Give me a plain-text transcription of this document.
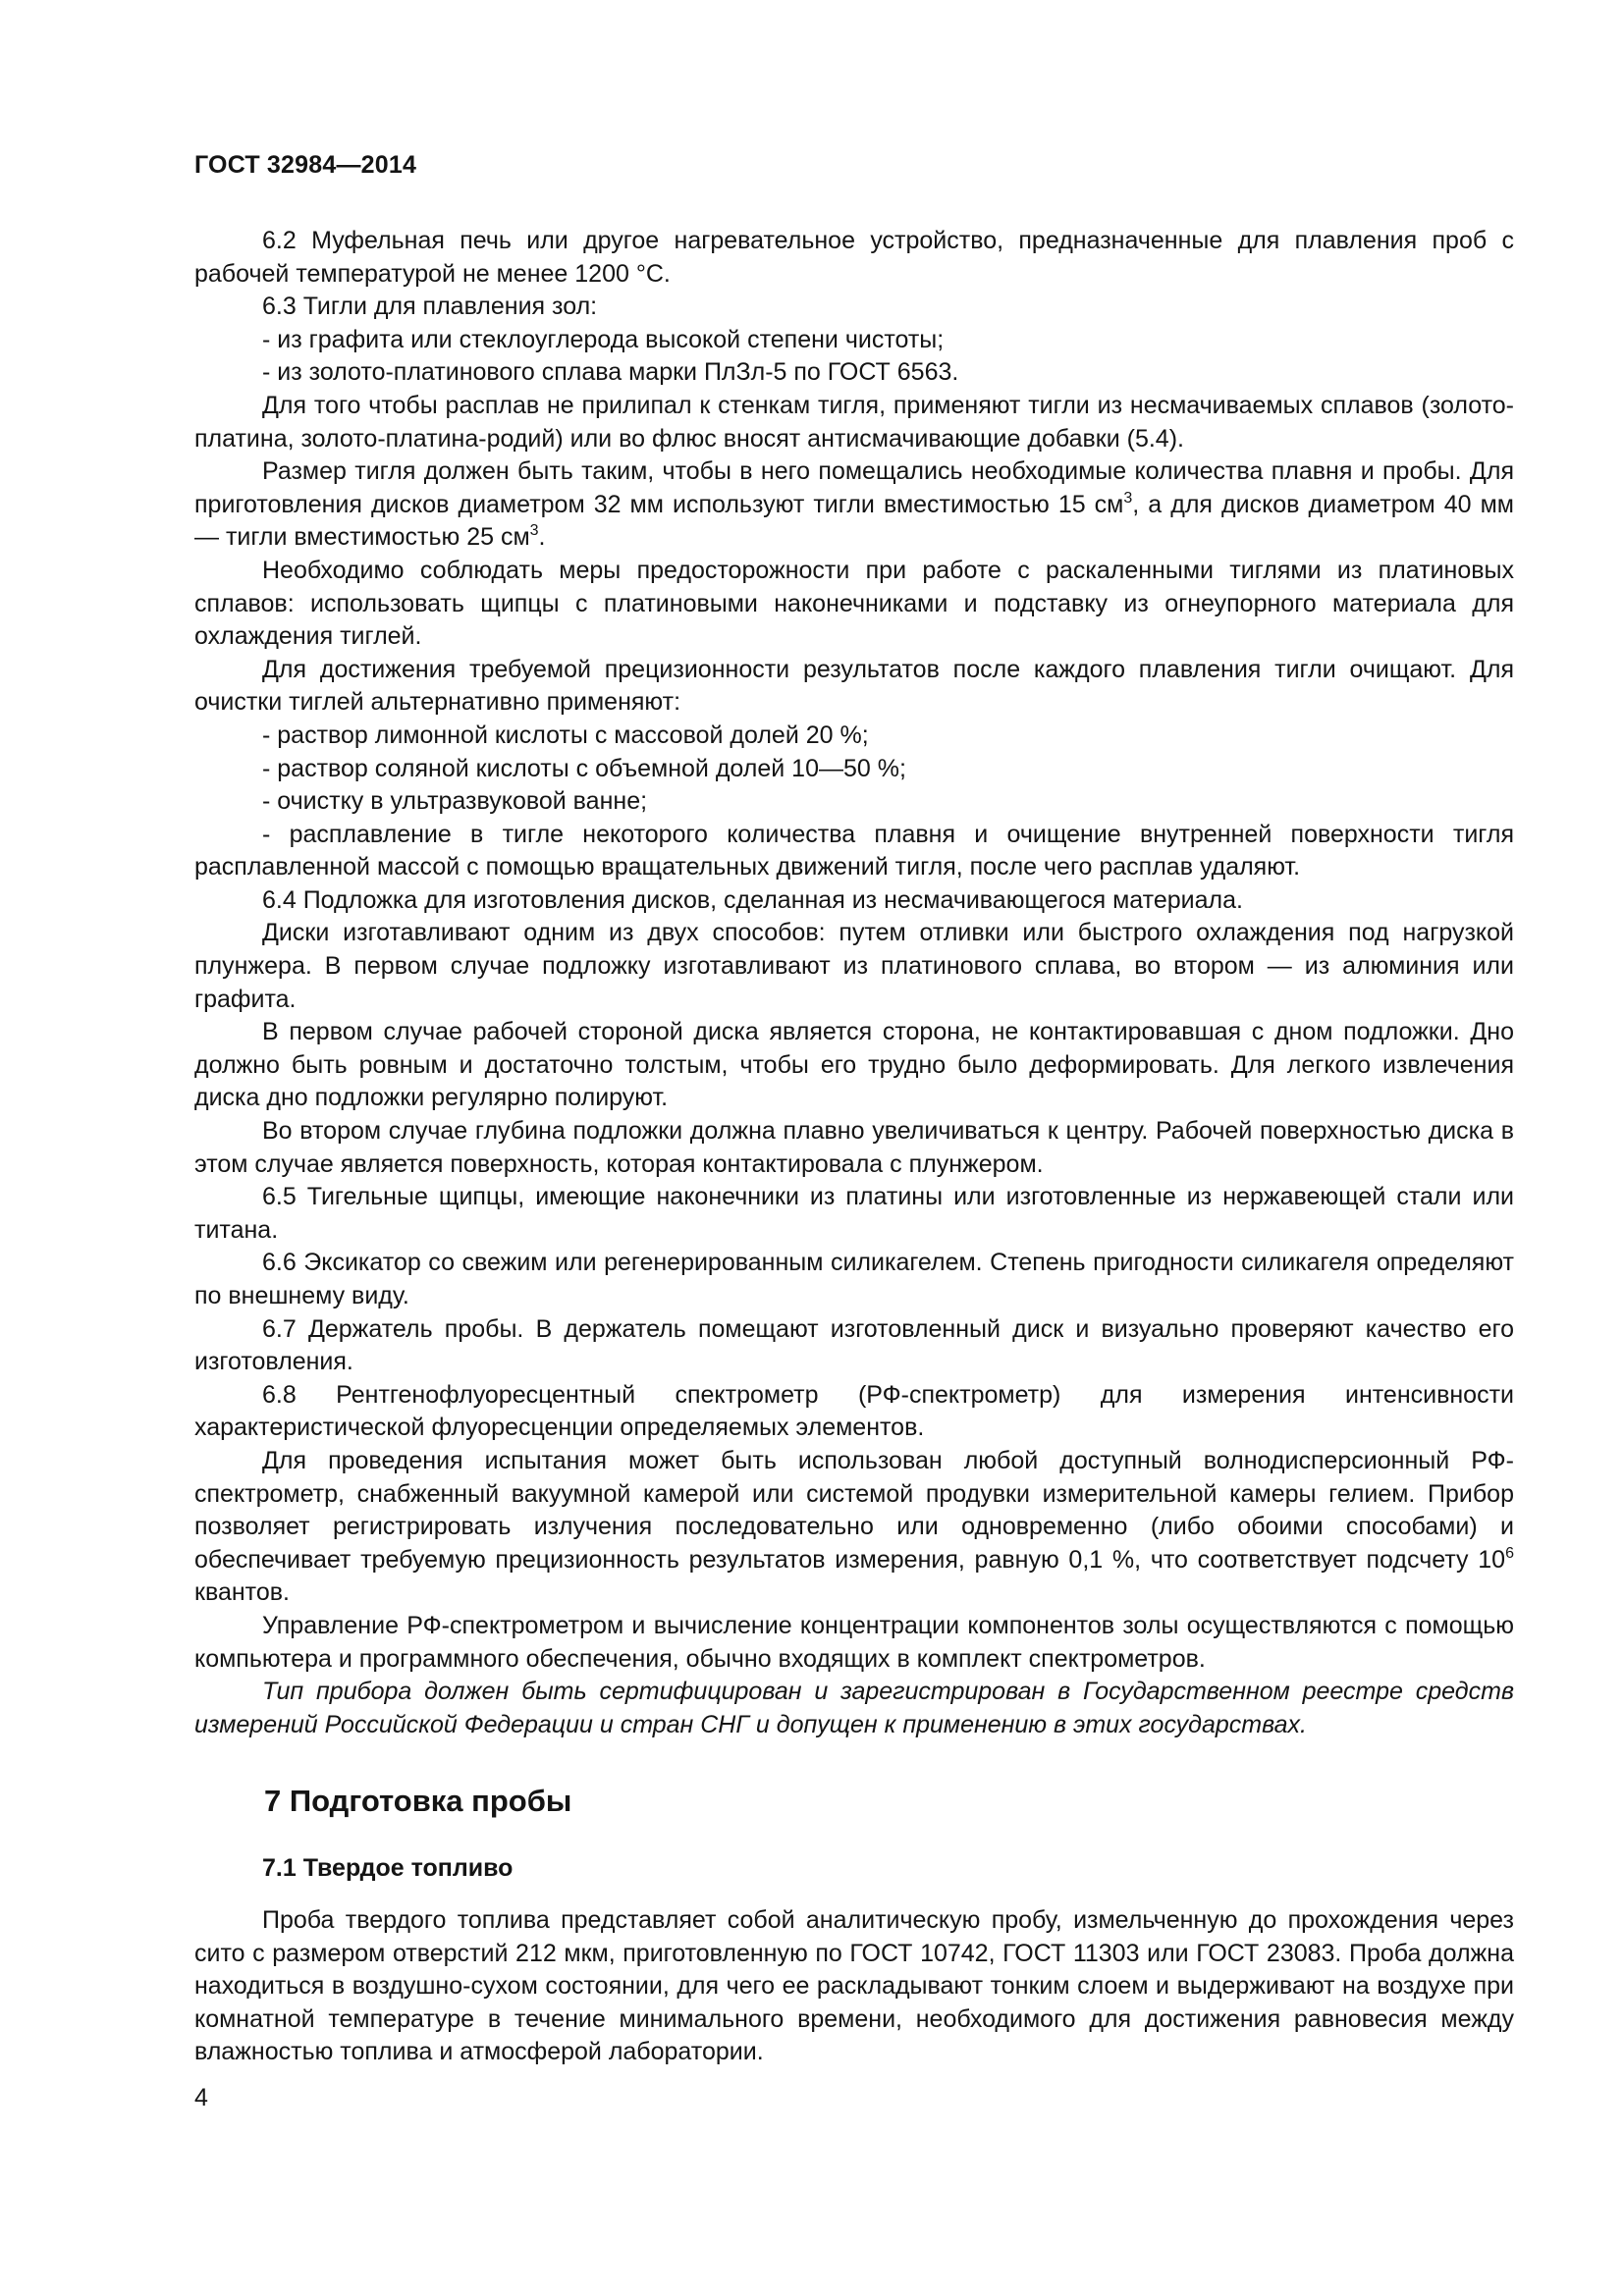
ГОСТ 32984—2014

6.2 Муфельная печь или другое нагревательное устройство, предназначенные для плавления проб с рабочей температурой не менее 1200 °С.

6.3 Тигли для плавления зол:

- из графита или стеклоуглерода высокой степени чистоты;

- из золото-платинового сплава марки ПлЗл-5 по ГОСТ 6563.

Для того чтобы расплав не прилипал к стенкам тигля, применяют тигли из несмачиваемых сплавов (золото-платина, золото-платина-родий) или во флюс вносят антисмачивающие добавки (5.4).

Размер тигля должен быть таким, чтобы в него помещались необходимые количества плавня и пробы. Для приготовления дисков диаметром 32 мм используют тигли вместимостью 15 $см^3$, а для дисков диаметром 40 мм — тигли вместимостью 25 $см^3$.

Необходимо соблюдать меры предосторожности при работе с раскаленными тиглями из платиновых сплавов: использовать щипцы с платиновыми наконечниками и подставку из огнеупорного материала для охлаждения тиглей.

Для достижения требуемой прецизионности результатов после каждого плавления тигли очищают. Для очистки тиглей альтернативно применяют:

- раствор лимонной кислоты с массовой долей 20 %;

- раствор соляной кислоты с объемной долей 10—50 %;

- очистку в ультразвуковой ванне;

- расплавление в тигле некоторого количества плавня и очищение внутренней поверхности тигля расплавленной массой с помощью вращательных движений тигля, после чего расплав удаляют.

6.4 Подложка для изготовления дисков, сделанная из несмачивающегося материала.

Диски изготавливают одним из двух способов: путем отливки или быстрого охлаждения под нагрузкой плунжера. В первом случае подложку изготавливают из платинового сплава, во втором — из алюминия или графита.

В первом случае рабочей стороной диска является сторона, не контактировавшая с дном подложки. Дно должно быть ровным и достаточно толстым, чтобы его трудно было деформировать. Для легкого извлечения диска дно подложки регулярно полируют.

Во втором случае глубина подложки должна плавно увеличиваться к центру. Рабочей поверхностью диска в этом случае является поверхность, которая контактировала с плунжером.

6.5 Тигельные щипцы, имеющие наконечники из платины или изготовленные из нержавеющей стали или титана.

6.6 Эксикатор со свежим или регенерированным силикагелем. Степень пригодности силикагеля определяют по внешнему виду.

6.7 Держатель пробы. В держатель помещают изготовленный диск и визуально проверяют качество его изготовления.

6.8 Рентгенофлуоресцентный спектрометр (РФ-спектрометр) для измерения интенсивности характеристической флуоресценции определяемых элементов.

Для проведения испытания может быть использован любой доступный волнодисперсионный РФ-спектрометр, снабженный вакуумной камерой или системой продувки измерительной камеры гелием. Прибор позволяет регистрировать излучения последовательно или одновременно (либо обоими способами) и обеспечивает требуемую прецизионность результатов измерения, равную 0,1 %, что соответствует подсчету $10^6$ квантов.

Управление РФ-спектрометром и вычисление концентрации компонентов золы осуществляются с помощью компьютера и программного обеспечения, обычно входящих в комплект спектрометров.

Тип прибора должен быть сертифицирован и зарегистрирован в Государственном реестре средств измерений Российской Федерации и стран СНГ и допущен к применению в этих государствах.

7 Подготовка пробы
7.1 Твердое топливо

Проба твердого топлива представляет собой аналитическую пробу, измельченную до прохождения через сито с размером отверстий 212 мкм, приготовленную по ГОСТ 10742, ГОСТ 11303 или ГОСТ 23083. Проба должна находиться в воздушно-сухом состоянии, для чего ее раскладывают тонким слоем и выдерживают на воздухе при комнатной температуре в течение минимального времени, необходимого для достижения равновесия между влажностью топлива и атмосферой лаборатории.

4
